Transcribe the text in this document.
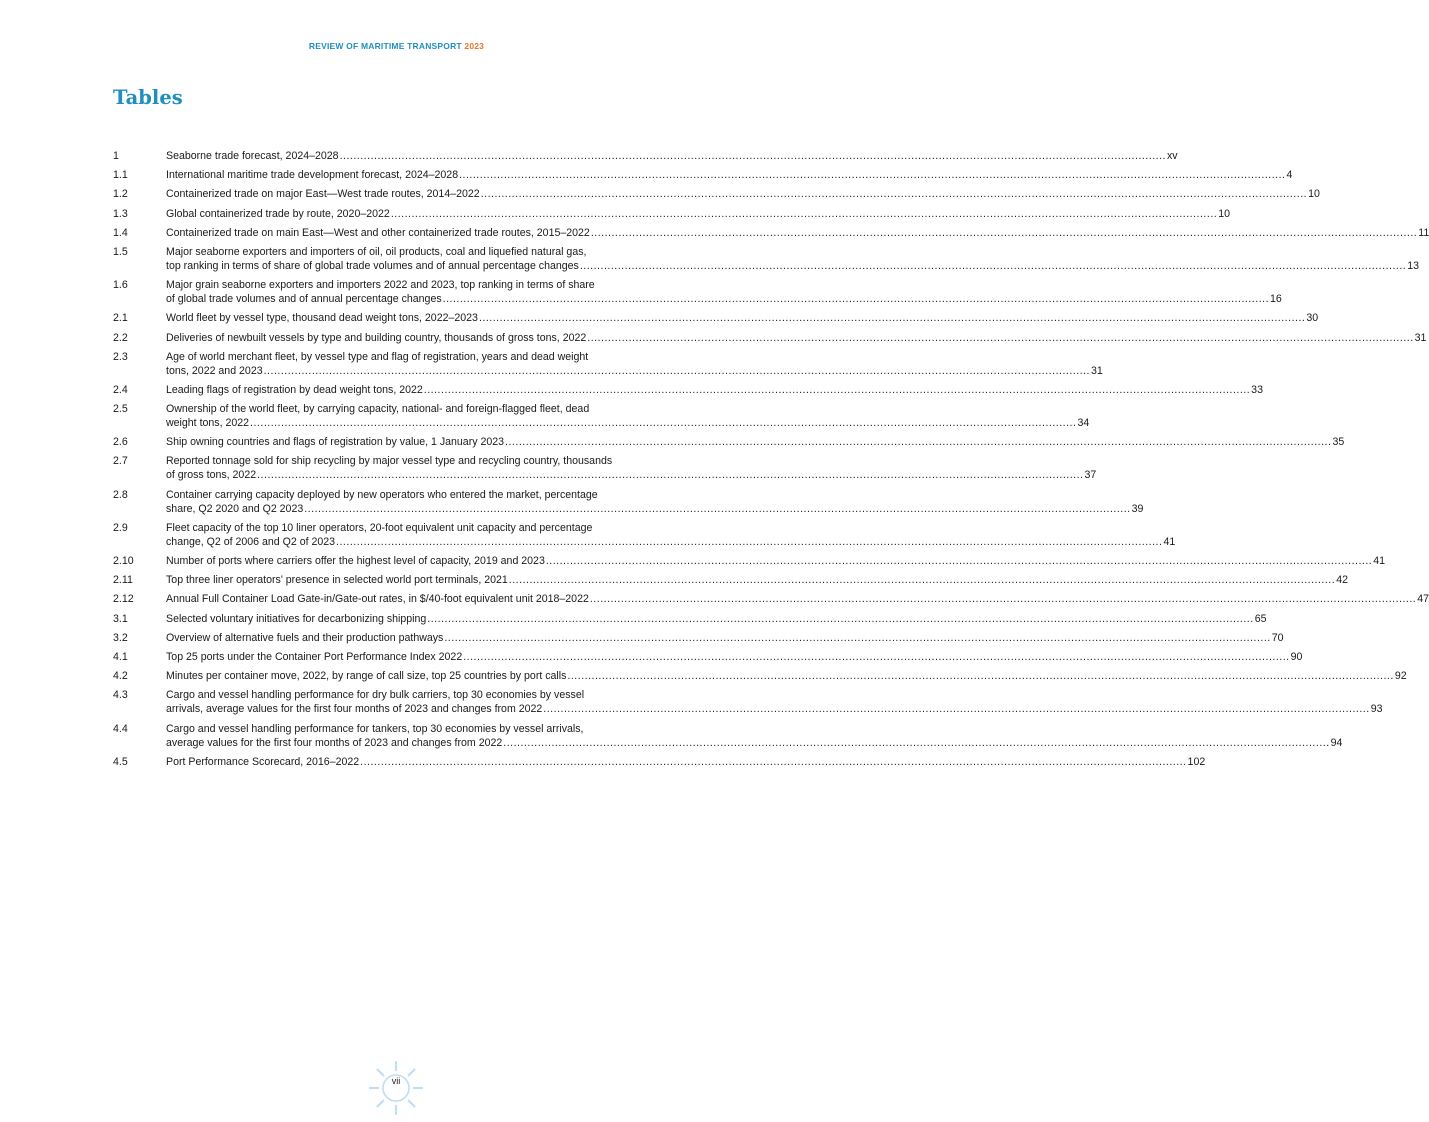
REVIEW OF MARITIME TRANSPORT 2023
Tables
1	Seaborne trade forecast, 2024–2028 ................................................................................................................................................................................................................................................ xv
1.1	International maritime trade development forecast, 2024–2028 ................................................................................................................................................................................................................................................ 4
1.2	Containerized trade on major East—West trade routes, 2014–2022 ................................................................................................................................................................................................................................................ 10
1.3	Global containerized trade by route, 2020–2022 ................................................................................................................................................................................................................................................ 10
1.4	Containerized trade on main East—West and other containerized trade routes, 2015–2022 ................................................................................................................................................................................................................................................ 11
1.5	Major seaborne exporters and importers of oil, oil products, coal and liquefied natural gas,
top ranking in terms of share of global trade volumes and of annual percentage changes ................................................................................................................................................................................................................................................ 13
1.6	Major grain seaborne exporters and importers 2022 and 2023, top ranking in terms of share
of global trade volumes and of annual percentage changes ................................................................................................................................................................................................................................................ 16
2.1	World fleet by vessel type, thousand dead weight tons, 2022–2023 ................................................................................................................................................................................................................................................ 30
2.2	Deliveries of newbuilt vessels by type and building country, thousands of gross tons, 2022 ................................................................................................................................................................................................................................................ 31
2.3	Age of world merchant fleet, by vessel type and flag of registration, years and dead weight
tons, 2022 and 2023 ................................................................................................................................................................................................................................................ 31
2.4	Leading flags of registration by dead weight tons, 2022 ................................................................................................................................................................................................................................................ 33
2.5	Ownership of the world fleet, by carrying capacity, national- and foreign-flagged fleet, dead
weight tons, 2022 ................................................................................................................................................................................................................................................ 34
2.6	Ship owning countries and flags of registration by value, 1 January 2023 ................................................................................................................................................................................................................................................ 35
2.7	Reported tonnage sold for ship recycling by major vessel type and recycling country, thousands
of gross tons, 2022 ................................................................................................................................................................................................................................................ 37
2.8	Container carrying capacity deployed by new operators who entered the market, percentage
share, Q2 2020 and Q2 2023 ................................................................................................................................................................................................................................................ 39
2.9	Fleet capacity of the top 10 liner operators, 20-foot equivalent unit capacity and percentage
change, Q2 of 2006 and Q2 of 2023 ................................................................................................................................................................................................................................................ 41
2.10	Number of ports where carriers offer the highest level of capacity, 2019 and 2023 ................................................................................................................................................................................................................................................ 41
2.11	Top three liner operators' presence in selected world port terminals, 2021 ................................................................................................................................................................................................................................................ 42
2.12	Annual Full Container Load Gate-in/Gate-out rates, in $/40-foot equivalent unit 2018–2022 ................................................................................................................................................................................................................................................ 47
3.1	Selected voluntary initiatives for decarbonizing shipping ................................................................................................................................................................................................................................................ 65
3.2	Overview of alternative fuels and their production pathways ................................................................................................................................................................................................................................................ 70
4.1	Top 25 ports under the Container Port Performance Index 2022 ................................................................................................................................................................................................................................................ 90
4.2	Minutes per container move, 2022, by range of call size, top 25 countries by port calls ................................................................................................................................................................................................................................................ 92
4.3	Cargo and vessel handling performance for dry bulk carriers, top 30 economies by vessel
arrivals, average values for the first four months of 2023 and changes from 2022 ................................................................................................................................................................................................................................................ 93
4.4	Cargo and vessel handling performance for tankers, top 30 economies by vessel arrivals,
average values for the first four months of 2023 and changes from 2022 ................................................................................................................................................................................................................................................ 94
4.5	Port Performance Scorecard, 2016–2022 ................................................................................................................................................................................................................................................ 102
vii
